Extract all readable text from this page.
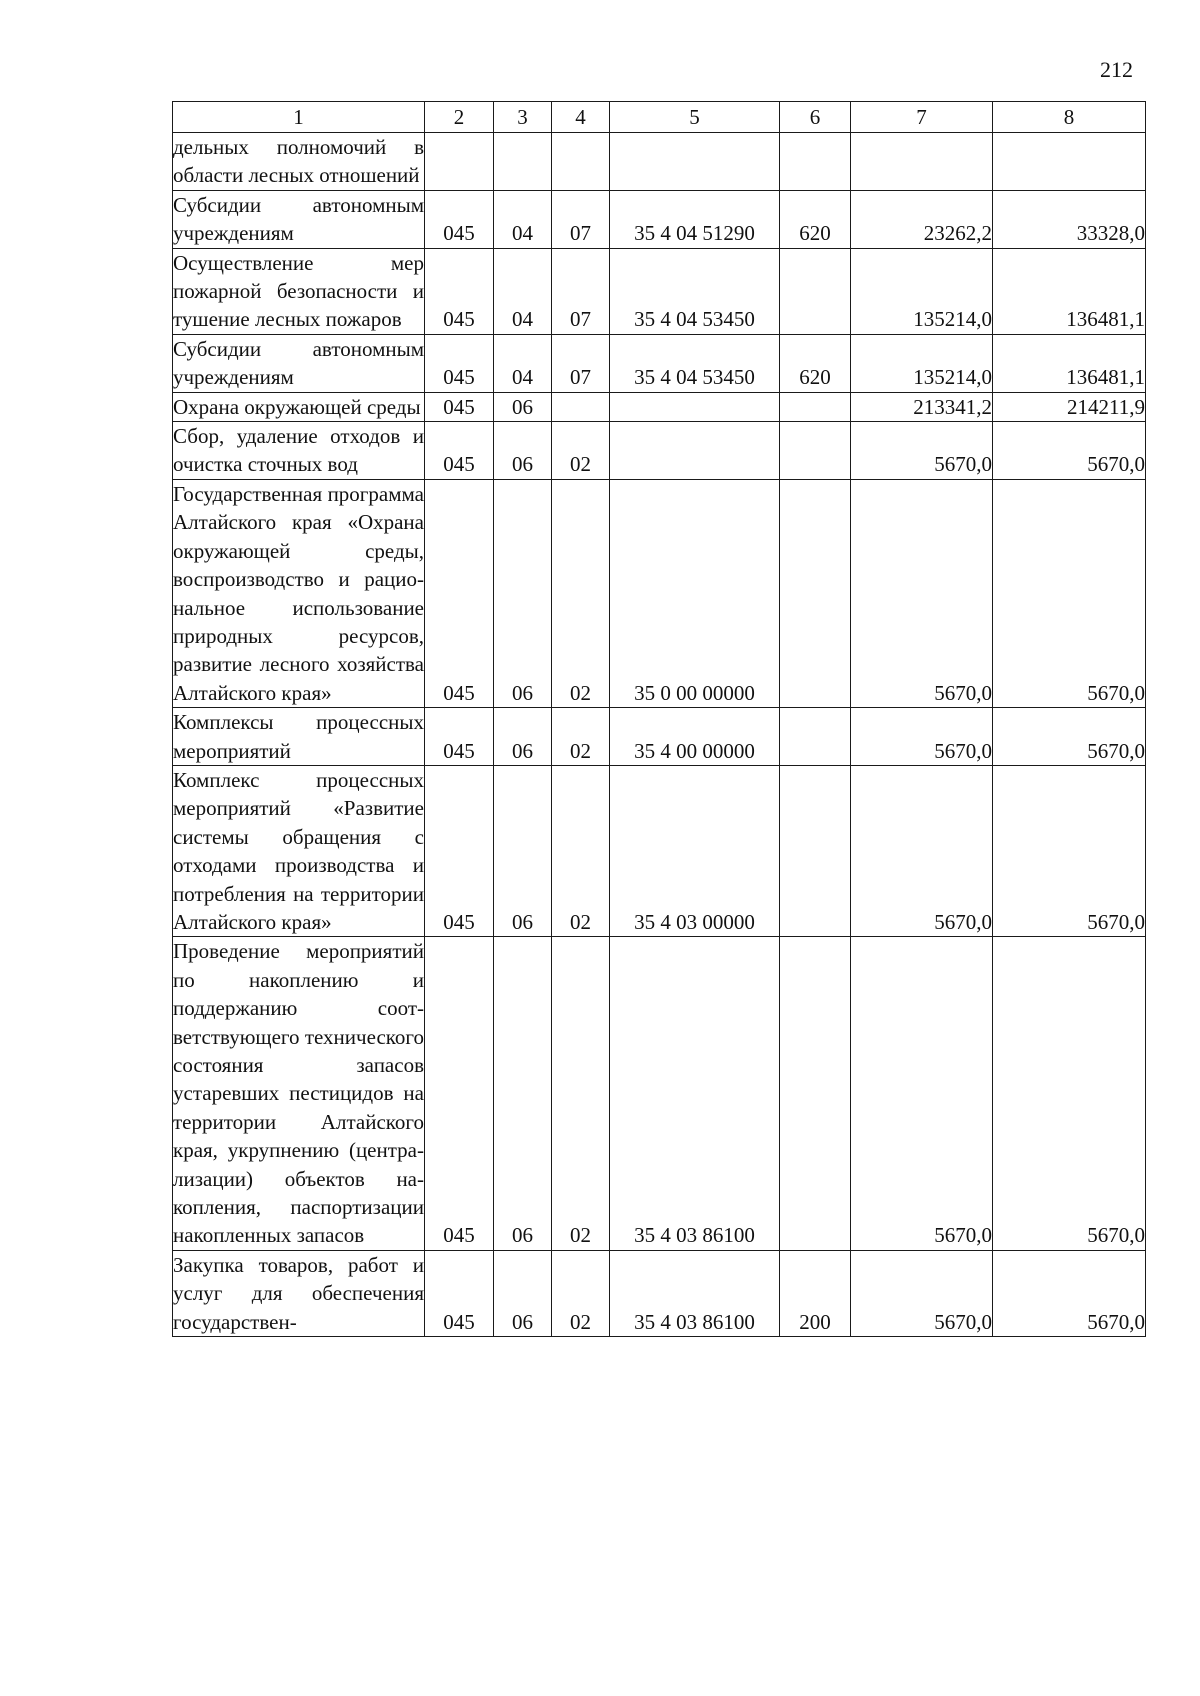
212
1	2	3	4	5	6	7	8
дельных полномочий в области лесных отношений							
Субсидии автономным учреждениям	045	04	07	35 4 04 51290	620	23262,2	33328,0
Осуществление мер пожарной безопасности и тушение лесных пожаров	045	04	07	35 4 04 53450		135214,0	136481,1
Субсидии автономным учреждениям	045	04	07	35 4 04 53450	620	135214,0	136481,1
Охрана окружающей среды	045	06				213341,2	214211,9
Сбор, удаление отходов и очистка сточных вод	045	06	02			5670,0	5670,0
Государственная программа Алтайского края «Охрана окружающей среды, воспроизводство и рациональное использование природных ресурсов, развитие лесного хозяйства Алтайского края»	045	06	02	35 0 00 00000		5670,0	5670,0
Комплексы процессных мероприятий	045	06	02	35 4 00 00000		5670,0	5670,0
Комплекс процессных мероприятий «Развитие системы обращения с отходами производства и потребления на территории Алтайского края»	045	06	02	35 4 03 00000		5670,0	5670,0
Проведение мероприятий по накоплению и поддержанию соответствующего технического состояния запасов устаревших пестицидов на территории Алтайского края, укрупнению (централизации) объектов накопления, паспортизации накопленных запасов	045	06	02	35 4 03 86100		5670,0	5670,0
Закупка товаров, работ и услуг для обеспечения государствен-	045	06	02	35 4 03 86100	200	5670,0	5670,0
